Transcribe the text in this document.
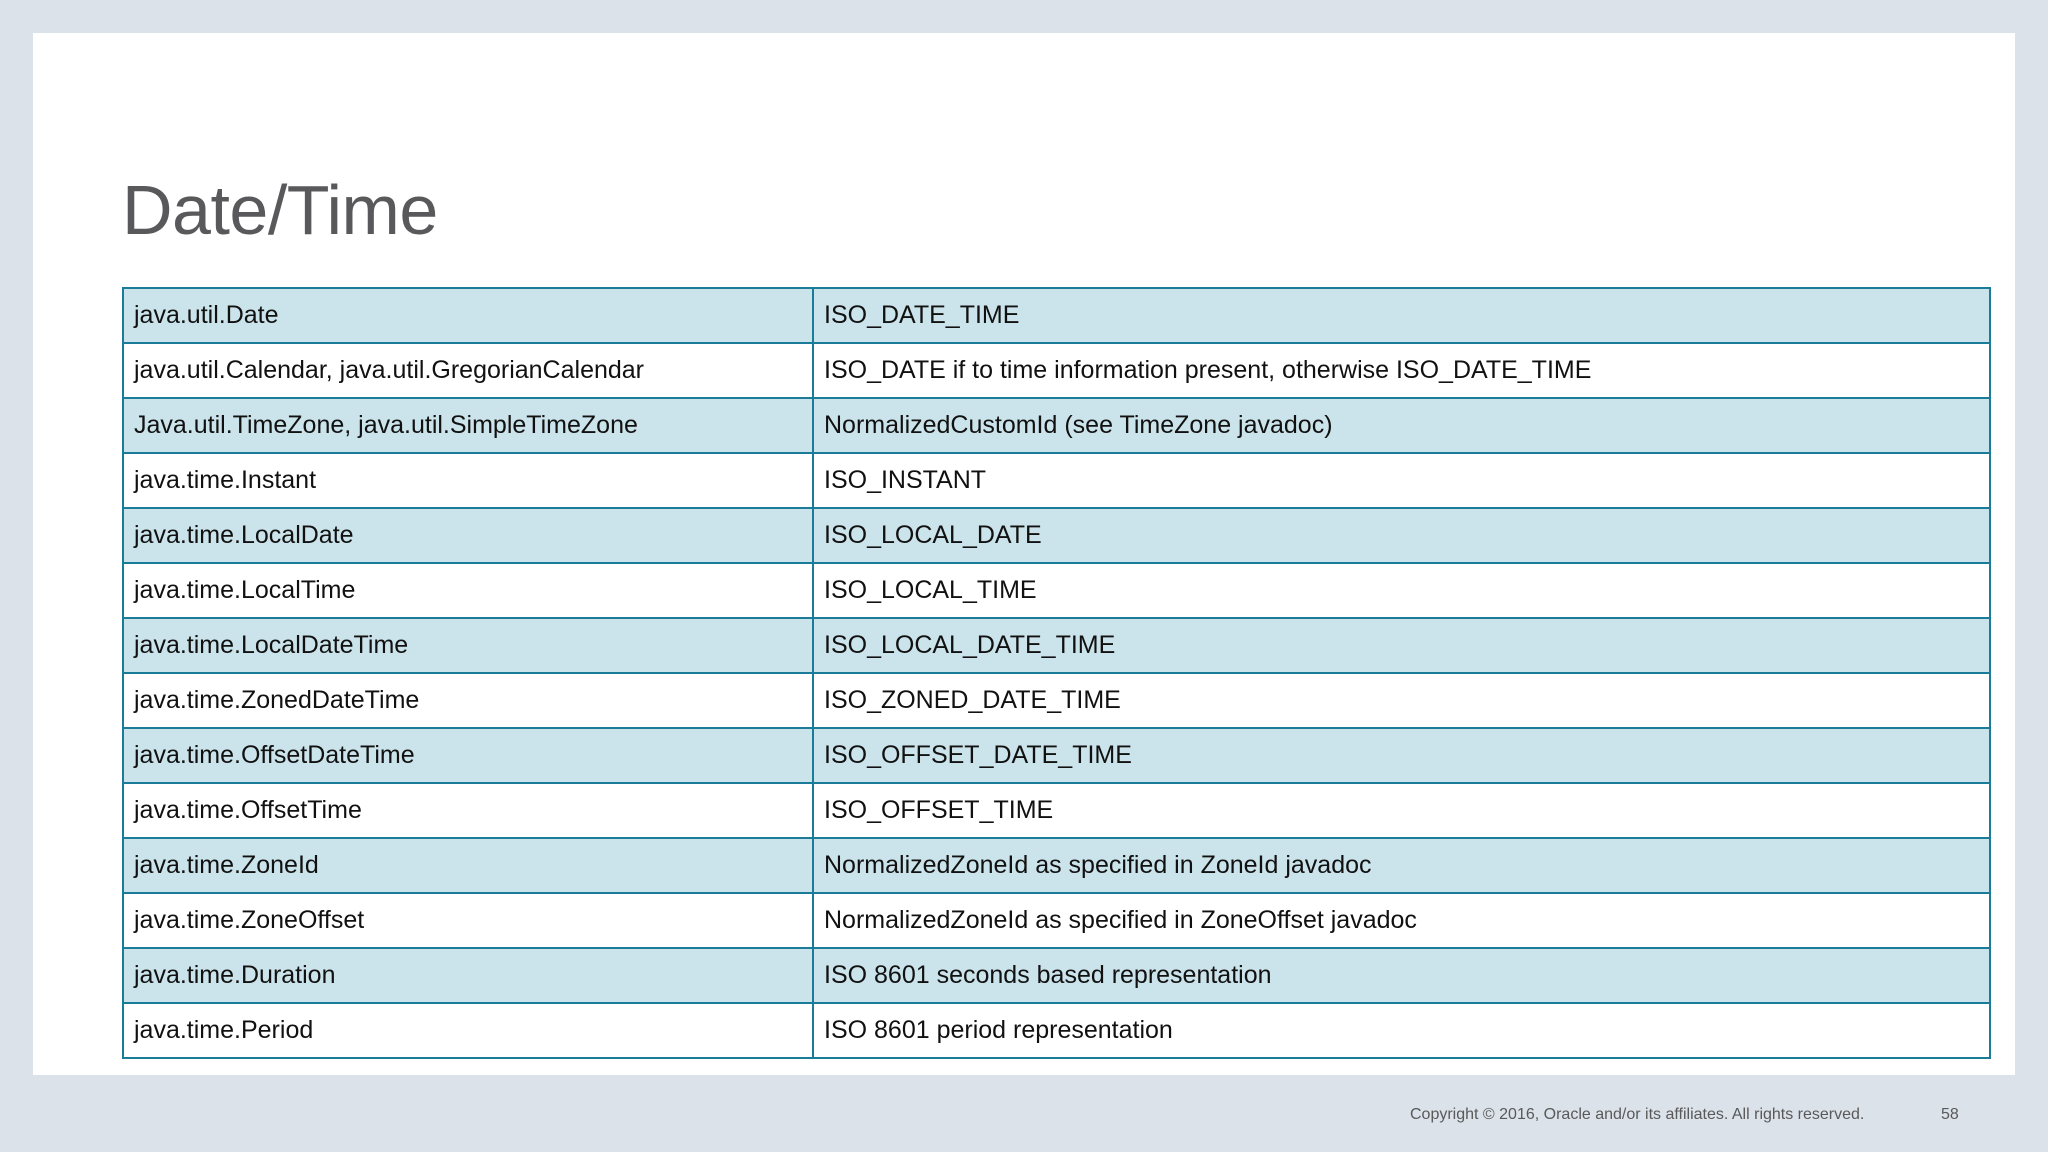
Date/Time
java.util.Date	ISO_DATE_TIME
java.util.Calendar, java.util.GregorianCalendar	ISO_DATE if to time information present, otherwise ISO_DATE_TIME
Java.util.TimeZone, java.util.SimpleTimeZone	NormalizedCustomId (see TimeZone javadoc)
java.time.Instant	ISO_INSTANT
java.time.LocalDate	ISO_LOCAL_DATE
java.time.LocalTime	ISO_LOCAL_TIME
java.time.LocalDateTime	ISO_LOCAL_DATE_TIME
java.time.ZonedDateTime	ISO_ZONED_DATE_TIME
java.time.OffsetDateTime	ISO_OFFSET_DATE_TIME
java.time.OffsetTime	ISO_OFFSET_TIME
java.time.ZoneId	NormalizedZoneId as specified in ZoneId javadoc
java.time.ZoneOffset	NormalizedZoneId as specified in ZoneOffset javadoc
java.time.Duration	ISO 8601 seconds based representation
java.time.Period	ISO 8601 period representation
Copyright © 2016, Oracle and/or its affiliates. All rights reserved.	58
